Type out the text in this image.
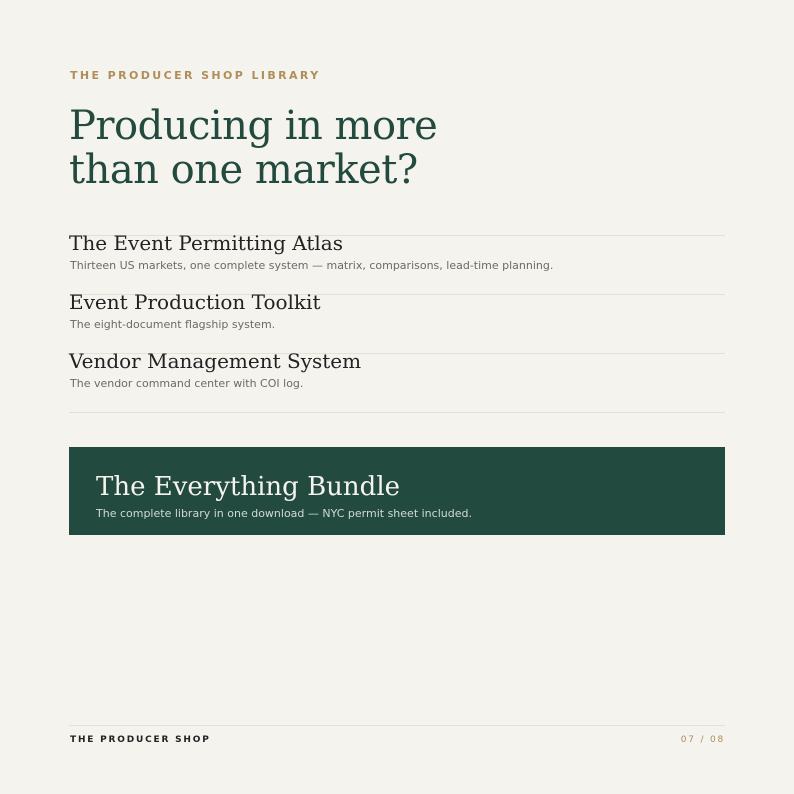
THE PRODUCER SHOP LIBRARY
Producing in more than one market?
The Event Permitting Atlas
Thirteen US markets, one complete system — matrix, comparisons, lead-time planning.
Event Production Toolkit
The eight-document flagship system.
Vendor Management System
The vendor command center with COI log.
The Everything Bundle
The complete library in one download — NYC permit sheet included.
THE PRODUCER SHOP	07 / 08
